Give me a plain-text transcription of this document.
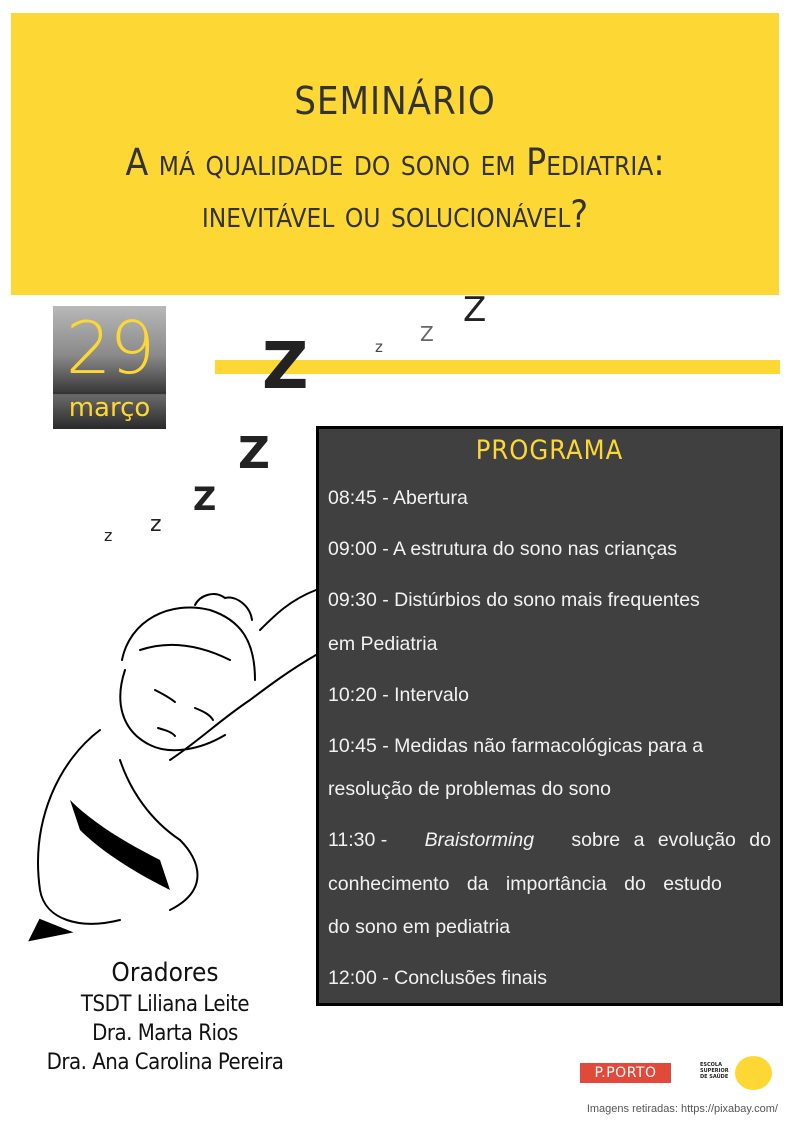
SEMINÁRIO
A má qualidade do sono em Pediatria:
inevitável ou solucionável?
29
março
z z
Z
Z
Z	z
Z
Z
PROGRAMA
08:45 - Abertura
09:00 - A estrutura do sono nas crianças
09:30 - Distúrbios do sono mais frequentes
em Pediatria
10:20 - Intervalo
10:45 - Medidas não farmacológicas para a
resolução de problemas do sono
11:30 - Braistorming sobre a evolução do
conhecimento da importância do estudo
do sono em pediatria
12:00 - Conclusões finais
Oradores
TSDT Liliana Leite
Dra. Marta Rios
Dra. Ana Carolina Pereira	P.PORTO	ESCOLA
SUPERIOR
DE SAÚDE
Imagens retiradas: https://pixabay.com/
